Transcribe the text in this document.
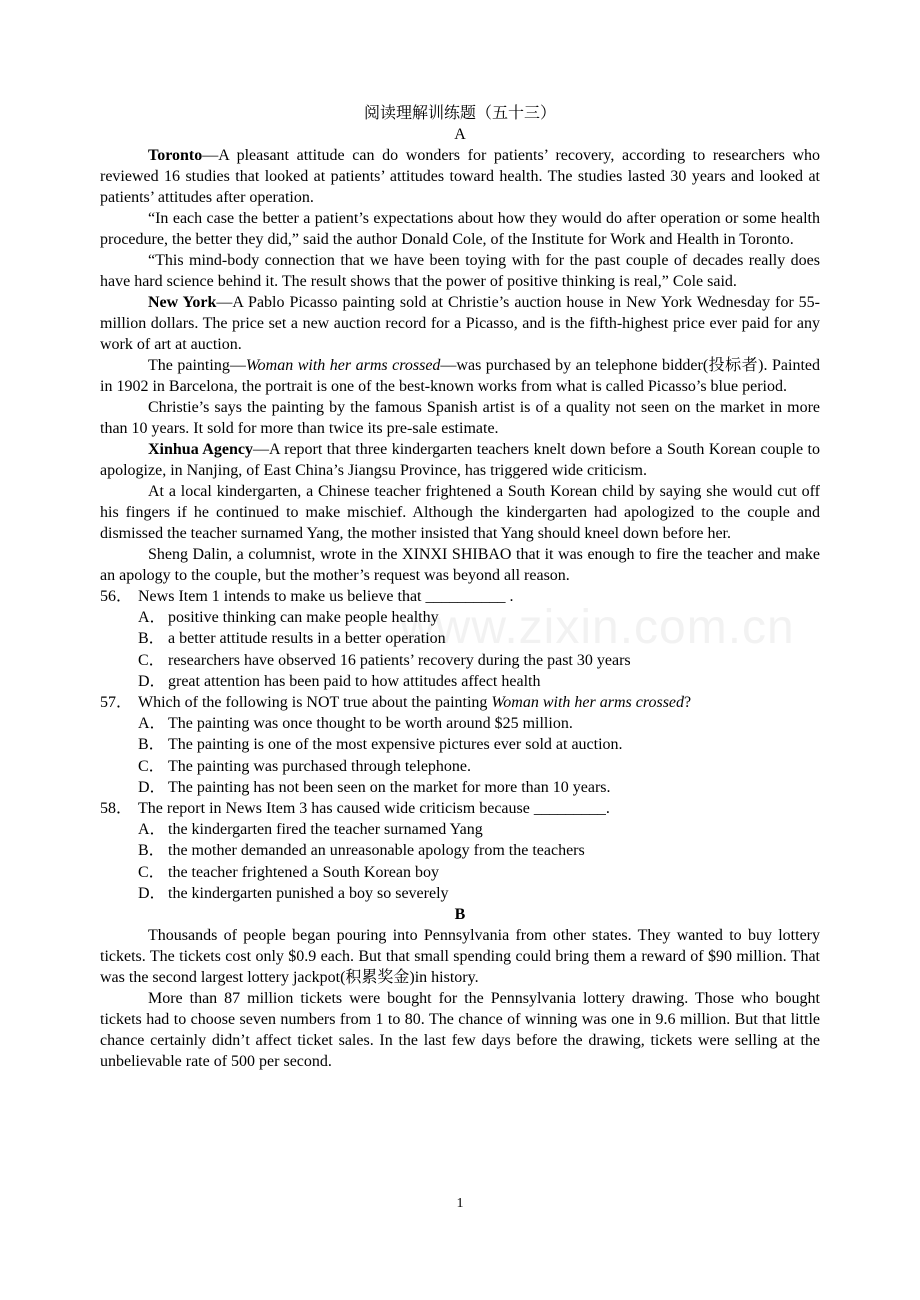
www.zixin.com.cn
阅读理解训练题（五十三）
A

Toronto—A pleasant attitude can do wonders for patients’ recovery, according to researchers who reviewed 16 studies that looked at patients’ attitudes toward health. The studies lasted 30 years and looked at patients’ attitudes after operation.

“In each case the better a patient’s expectations about how they would do after operation or some health procedure, the better they did,” said the author Donald Cole, of the Institute for Work and Health in Toronto.

“This mind-body connection that we have been toying with for the past couple of decades really does have hard science behind it. The result shows that the power of positive thinking is real,” Cole said.

New York—A Pablo Picasso painting sold at Christie’s auction house in New York Wednesday for 55-million dollars. The price set a new auction record for a Picasso, and is the fifth-highest price ever paid for any work of art at auction.

The painting—Woman with her arms crossed—was purchased by an telephone bidder(投标者). Painted in 1902 in Barcelona, the portrait is one of the best-known works from what is called Picasso’s blue period.

Christie’s says the painting by the famous Spanish artist is of a quality not seen on the market in more than 10 years. It sold for more than twice its pre-sale estimate.

Xinhua Agency—A report that three kindergarten teachers knelt down before a South Korean couple to apologize, in Nanjing, of East China’s Jiangsu Province, has triggered wide criticism.

At a local kindergarten, a Chinese teacher frightened a South Korean child by saying she would cut off his fingers if he continued to make mischief. Although the kindergarten had apologized to the couple and dismissed the teacher surnamed Yang, the mother insisted that Yang should kneel down before her.

Sheng Dalin, a columnist, wrote in the XINXI SHIBAO that it was enough to fire the teacher and make an apology to the couple, but the mother’s request was beyond all reason.

56． News Item 1 intends to make us believe that __________ .
A． positive thinking can make people healthy
B． a better attitude results in a better operation
C． researchers have observed 16 patients’ recovery during the past 30 years
D． great attention has been paid to how attitudes affect health
57． Which of the following is NOT true about the painting Woman with her arms crossed?
A． The painting was once thought to be worth around $25 million.
B． The painting is one of the most expensive pictures ever sold at auction.
C． The painting was purchased through telephone.
D． The painting has not been seen on the market for more than 10 years.
58． The report in News Item 3 has caused wide criticism because _________.
A． the kindergarten fired the teacher surnamed Yang
B． the mother demanded an unreasonable apology from the teachers
C． the teacher frightened a South Korean boy
D． the kindergarten punished a boy so severely
B

Thousands of people began pouring into Pennsylvania from other states. They wanted to buy lottery tickets. The tickets cost only $0.9 each. But that small spending could bring them a reward of $90 million. That was the second largest lottery jackpot(积累奖金)in history.

More than 87 million tickets were bought for the Pennsylvania lottery drawing. Those who bought tickets had to choose seven numbers from 1 to 80. The chance of winning was one in 9.6 million. But that little chance certainly didn’t affect ticket sales. In the last few days before the drawing, tickets were selling at the unbelievable rate of 500 per second.

1
